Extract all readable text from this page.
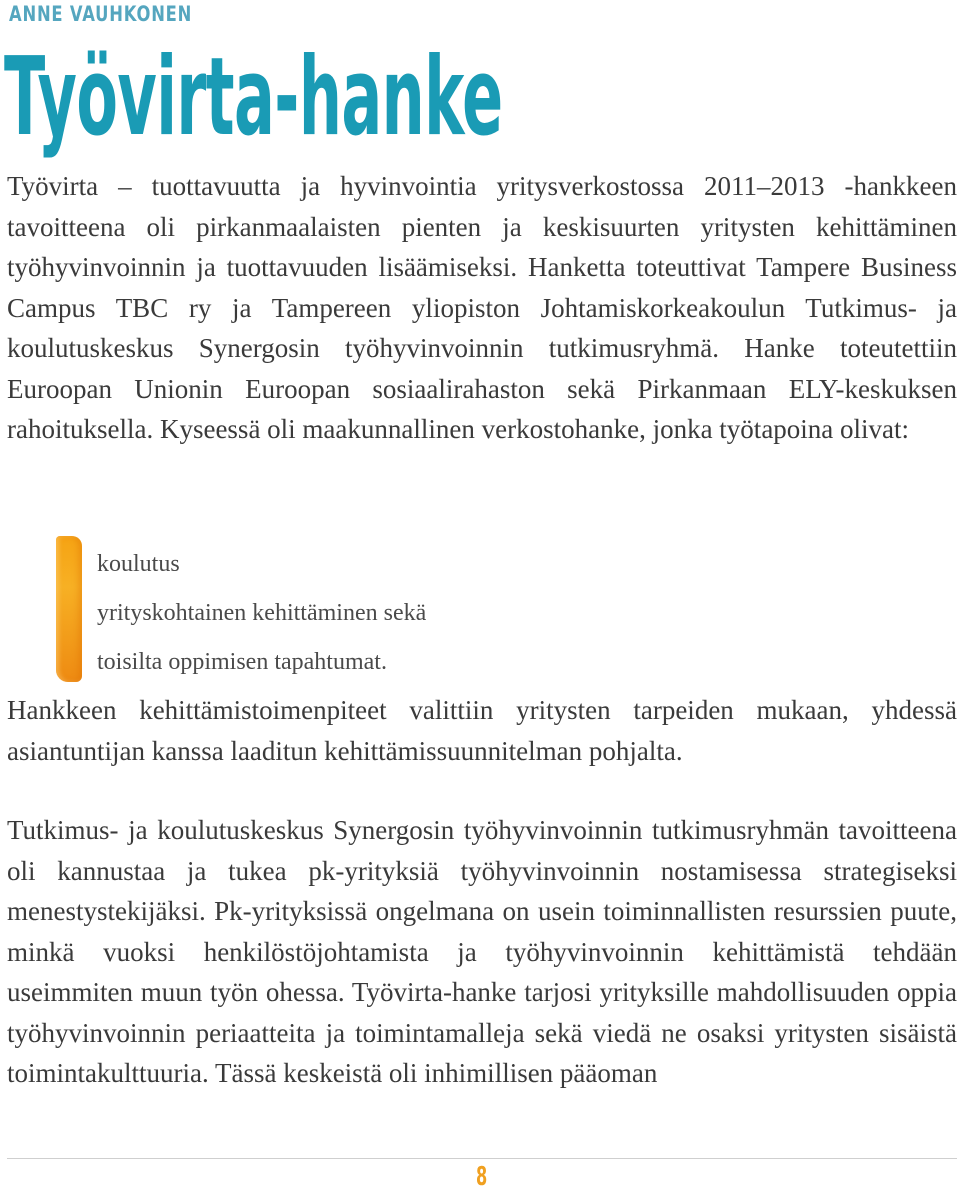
ANNE VAUHKONEN
Työvirta-hanke

Työvirta – tuottavuutta ja hyvinvointia yritysverkostossa 2011–2013 -hankkeen tavoitteena oli pirkanmaalaisten pienten ja keskisuurten yritysten kehittäminen työhyvinvoinnin ja tuottavuuden lisäämiseksi. Hanketta toteuttivat Tampere Business Campus TBC ry ja Tampereen yliopiston Johtamiskorkeakoulun Tutkimus- ja koulutuskeskus Synergosin työhyvinvoinnin tutkimusryhmä. Hanke toteutettiin Euroopan Unionin Euroopan sosiaalirahaston sekä Pirkanmaan ELY-keskuksen rahoituksella. Kyseessä oli maakunnallinen verkostohanke, jonka työtapoina olivat:

koulutus
yrityskohtainen kehittäminen sekä
toisilta oppimisen tapahtumat.

Hankkeen kehittämistoimenpiteet valittiin yritysten tarpeiden mukaan, yhdessä asiantuntijan kanssa laaditun kehittämissuunnitelman pohjalta.

Tutkimus- ja koulutuskeskus Synergosin työhyvinvoinnin tutkimusryhmän tavoitteena oli kannustaa ja tukea pk-yrityksiä työhyvinvoinnin nostamisessa strategiseksi menestystekijäksi. Pk-yrityksissä ongelmana on usein toiminnallisten resurssien puute, minkä vuoksi henkilöstöjohtamista ja työhyvinvoinnin kehittämistä tehdään useimmiten muun työn ohessa. Työvirta-hanke tarjosi yrityksille mahdollisuuden oppia työhyvinvoinnin periaatteita ja toimintamalleja sekä viedä ne osaksi yritysten sisäistä toimintakulttuuria. Tässä keskeistä oli inhimillisen pääoman

8
